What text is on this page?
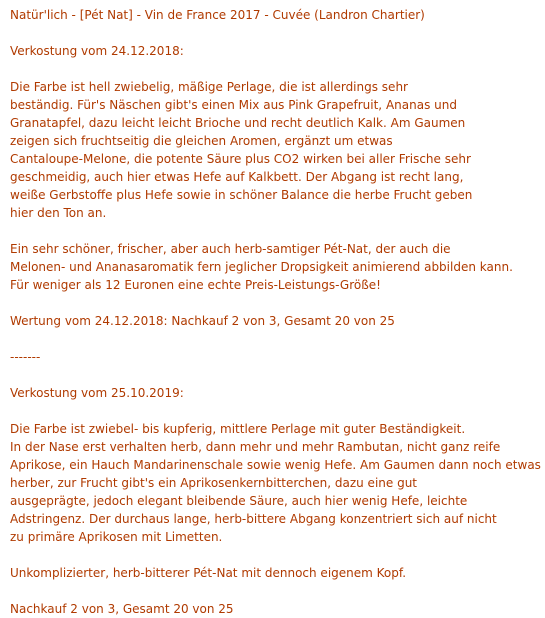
Natür'lich - [Pét Nat] - Vin de France 2017 - Cuvée (Landron Chartier)
Verkostung vom 24.12.2018:
Die Farbe ist hell zwiebelig, mäßige Perlage, die ist allerdings sehr
beständig. Für's Näschen gibt's einen Mix aus Pink Grapefruit, Ananas und
Granatapfel, dazu leicht leicht Brioche und recht deutlich Kalk. Am Gaumen
zeigen sich fruchtseitig die gleichen Aromen, ergänzt um etwas
Cantaloupe-Melone, die potente Säure plus CO2 wirken bei aller Frische sehr
geschmeidig, auch hier etwas Hefe auf Kalkbett. Der Abgang ist recht lang,
weiße Gerbstoffe plus Hefe sowie in schöner Balance die herbe Frucht geben
hier den Ton an.
Ein sehr schöner, frischer, aber auch herb-samtiger Pét-Nat, der auch die
Melonen- und Ananasaromatik fern jeglicher Dropsigkeit animierend abbilden kann.
Für weniger als 12 Euronen eine echte Preis-Leistungs-Größe!
Wertung vom 24.12.2018: Nachkauf 2 von 3, Gesamt 20 von 25
-------
Verkostung vom 25.10.2019:
Die Farbe ist zwiebel- bis kupferig, mittlere Perlage mit guter Beständigkeit.
In der Nase erst verhalten herb, dann mehr und mehr Rambutan, nicht ganz reife
Aprikose, ein Hauch Mandarinenschale sowie wenig Hefe. Am Gaumen dann noch etwas
herber, zur Frucht gibt's ein Aprikosenkernbitterchen, dazu eine gut
ausgeprägte, jedoch elegant bleibende Säure, auch hier wenig Hefe, leichte
Adstringenz. Der durchaus lange, herb-bittere Abgang konzentriert sich auf nicht
zu primäre Aprikosen mit Limetten.
Unkomplizierter, herb-bitterer Pét-Nat mit dennoch eigenem Kopf.
Nachkauf 2 von 3, Gesamt 20 von 25
